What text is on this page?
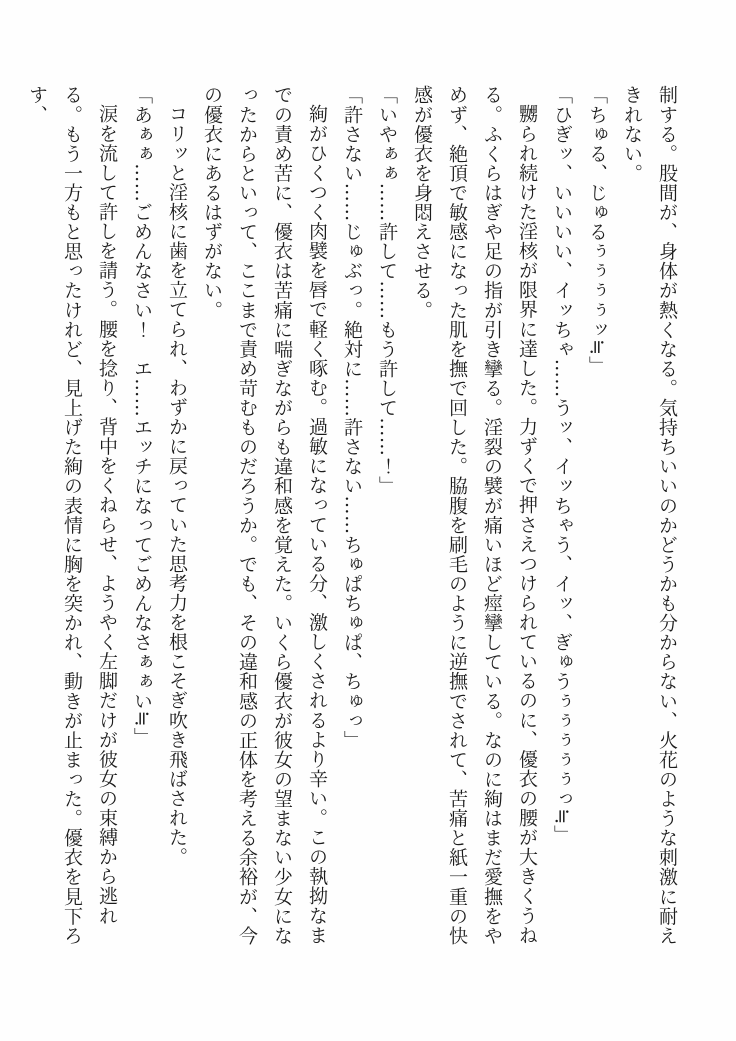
制する。股間が、身体が熱くなる。気持ちいいのかどうかも分からない、火花のような刺激に耐えきれない。

「ちゅる、じゅるぅぅぅぅッ≒」

「ひぎッ、いいいい、イッちゃ……うッ、イッちゃう、イッ、ぎゅうぅぅぅぅぅっ≒」

嬲られ続けた淫核が限界に達した。力ずくで押さえつけられているのに、優衣の腰が大きくうねる。ふくらはぎや足の指が引き攣る。淫裂の襞が痛いほど痙攣している。なのに絢はまだ愛撫をやめず、絶頂で敏感になった肌を撫で回した。脇腹を刷毛のように逆撫でされて、苦痛と紙一重の快感が優衣を身悶えさせる。

「いやぁぁ……許して……もう許して……！」

「許さない……じゅぶっ。絶対に……許さない……ちゅぱちゅぱ、ちゅっ」

絢がひくつく肉襞を唇で軽く啄む。過敏になっている分、激しくされるより辛い。この執拗なまでの責め苦に、優衣は苦痛に喘ぎながらも違和感を覚えた。いくら優衣が彼女の望まない少女になったからといって、ここまで責め苛むものだろうか。でも、その違和感の正体を考える余裕が、今の優衣にあるはずがない。

コリッと淫核に歯を立てられ、わずかに戻っていた思考力を根こそぎ吹き飛ばされた。

「あぁぁ……ごめんなさい！　エ……エッチになってごめんなさぁぁい≒」

涙を流して許しを請う。腰を捻り、背中をくねらせ、ようやく左脚だけが彼女の束縛から逃れる。もう一方もと思ったけれど、見上げた絢の表情に胸を突かれ、動きが止まった。優衣を見下ろす、
